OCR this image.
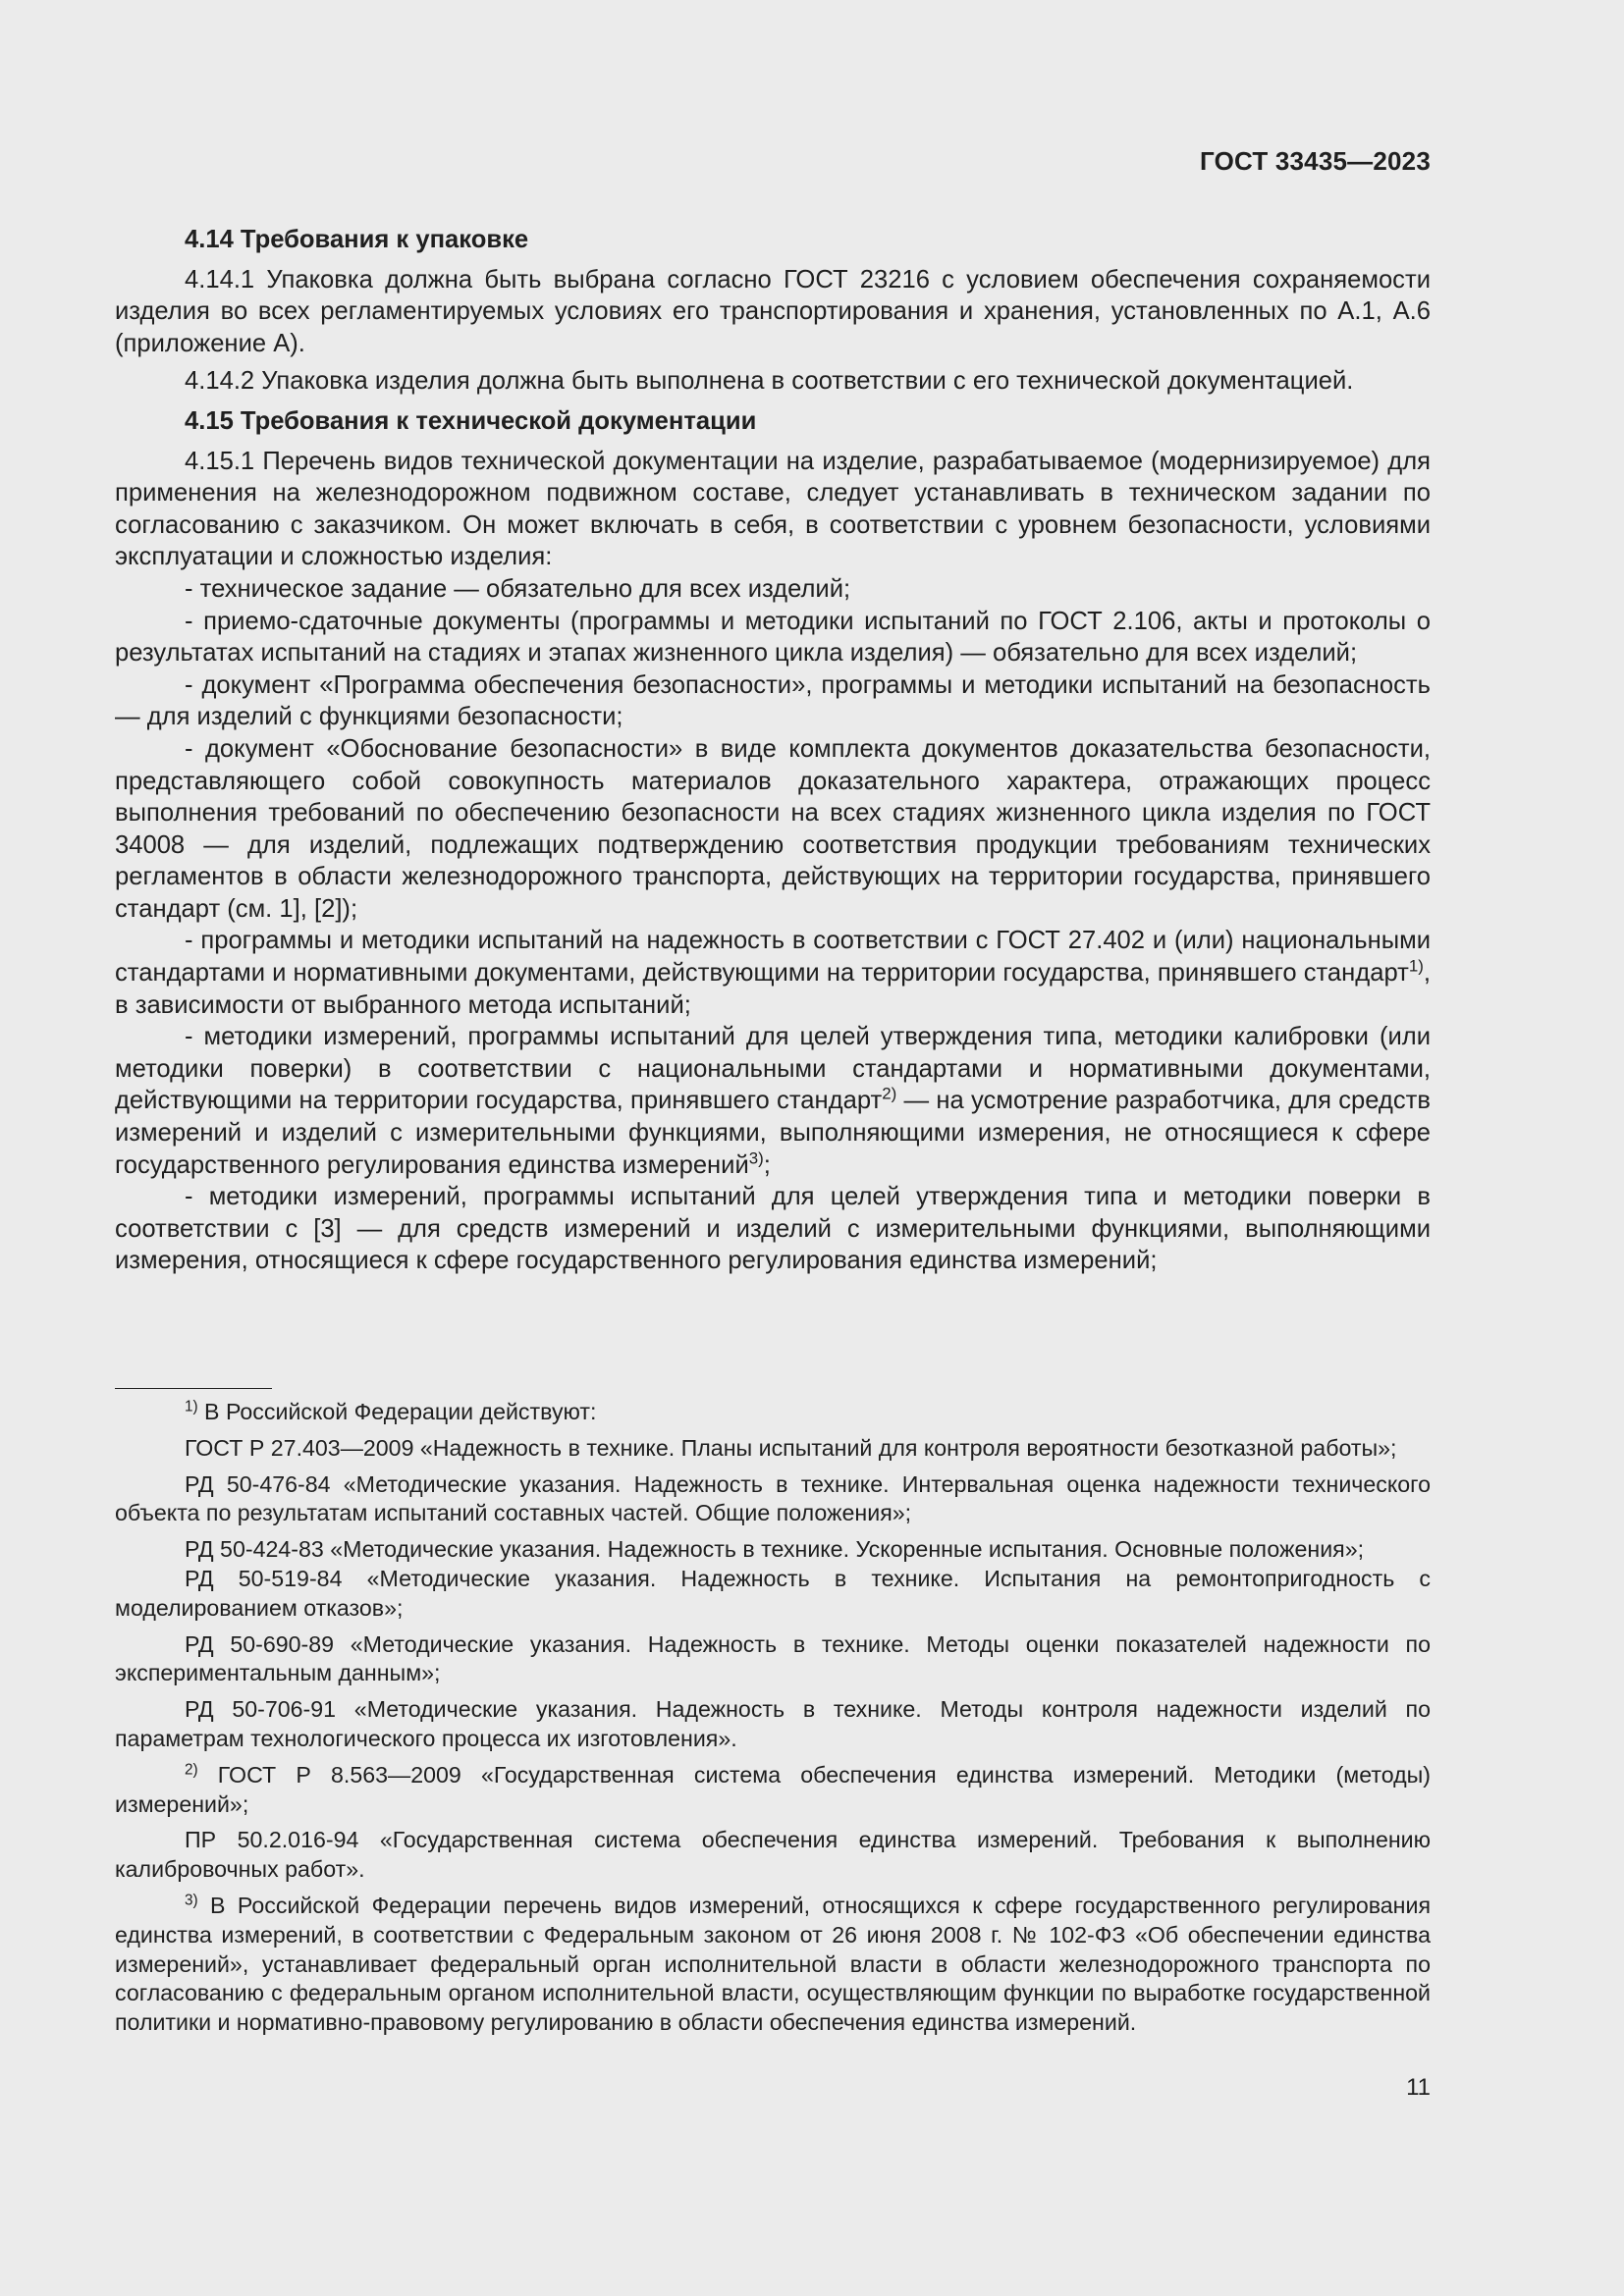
ГОСТ 33435—2023
4.14 Требования к упаковке

4.14.1 Упаковка должна быть выбрана согласно ГОСТ 23216 с условием обеспечения сохраняемости изделия во всех регламентируемых условиях его транспортирования и хранения, установленных по А.1, А.6 (приложение А).

4.14.2 Упаковка изделия должна быть выполнена в соответствии с его технической документацией.

4.15 Требования к технической документации

4.15.1 Перечень видов технической документации на изделие, разрабатываемое (модернизируемое) для применения на железнодорожном подвижном составе, следует устанавливать в техническом задании по согласованию с заказчиком. Он может включать в себя, в соответствии с уровнем безопасности, условиями эксплуатации и сложностью изделия:

- техническое задание — обязательно для всех изделий;

- приемо-сдаточные документы (программы и методики испытаний по ГОСТ 2.106, акты и протоколы о результатах испытаний на стадиях и этапах жизненного цикла изделия) — обязательно для всех изделий;

- документ «Программа обеспечения безопасности», программы и методики испытаний на безопасность — для изделий с функциями безопасности;

- документ «Обоснование безопасности» в виде комплекта документов доказательства безопасности, представляющего собой совокупность материалов доказательного характера, отражающих процесс выполнения требований по обеспечению безопасности на всех стадиях жизненного цикла изделия по ГОСТ 34008 — для изделий, подлежащих подтверждению соответствия продукции требованиям технических регламентов в области железнодорожного транспорта, действующих на территории государства, принявшего стандарт (см. 1], [2]);

- программы и методики испытаний на надежность в соответствии с ГОСТ 27.402 и (или) национальными стандартами и нормативными документами, действующими на территории государства, принявшего стандарт$^{1)}$, в зависимости от выбранного метода испытаний;

- методики измерений, программы испытаний для целей утверждения типа, методики калибровки (или методики поверки) в соответствии с национальными стандартами и нормативными документами, действующими на территории государства, принявшего стандарт$^{2)}$ — на усмотрение разработчика, для средств измерений и изделий с измерительными функциями, выполняющими измерения, не относящиеся к сфере государственного регулирования единства измерений$^{3)}$;

- методики измерений, программы испытаний для целей утверждения типа и методики поверки в соответствии с [3] — для средств измерений и изделий с измерительными функциями, выполняющими измерения, относящиеся к сфере государственного регулирования единства измерений;

$^{1)}$ В Российской Федерации действуют:

ГОСТ Р 27.403—2009 «Надежность в технике. Планы испытаний для контроля вероятности безотказной работы»;

РД 50-476-84 «Методические указания. Надежность в технике. Интервальная оценка надежности технического объекта по результатам испытаний составных частей. Общие положения»;

РД 50-424-83 «Методические указания. Надежность в технике. Ускоренные испытания. Основные положения»;

РД 50-519-84 «Методические указания. Надежность в технике. Испытания на ремонтопригодность с моделированием отказов»;

РД 50-690-89 «Методические указания. Надежность в технике. Методы оценки показателей надежности по экспериментальным данным»;

РД 50-706-91 «Методические указания. Надежность в технике. Методы контроля надежности изделий по параметрам технологического процесса их изготовления».

$^{2)}$ ГОСТ Р 8.563—2009 «Государственная система обеспечения единства измерений. Методики (методы) измерений»;

ПР 50.2.016-94 «Государственная система обеспечения единства измерений. Требования к выполнению калибровочных работ».

$^{3)}$ В Российской Федерации перечень видов измерений, относящихся к сфере государственного регулирования единства измерений, в соответствии с Федеральным законом от 26 июня 2008 г. № 102-ФЗ «Об обеспечении единства измерений», устанавливает федеральный орган исполнительной власти в области железнодорожного транспорта по согласованию с федеральным органом исполнительной власти, осуществляющим функции по выработке государственной политики и нормативно-правовому регулированию в области обеспечения единства измерений.

11
